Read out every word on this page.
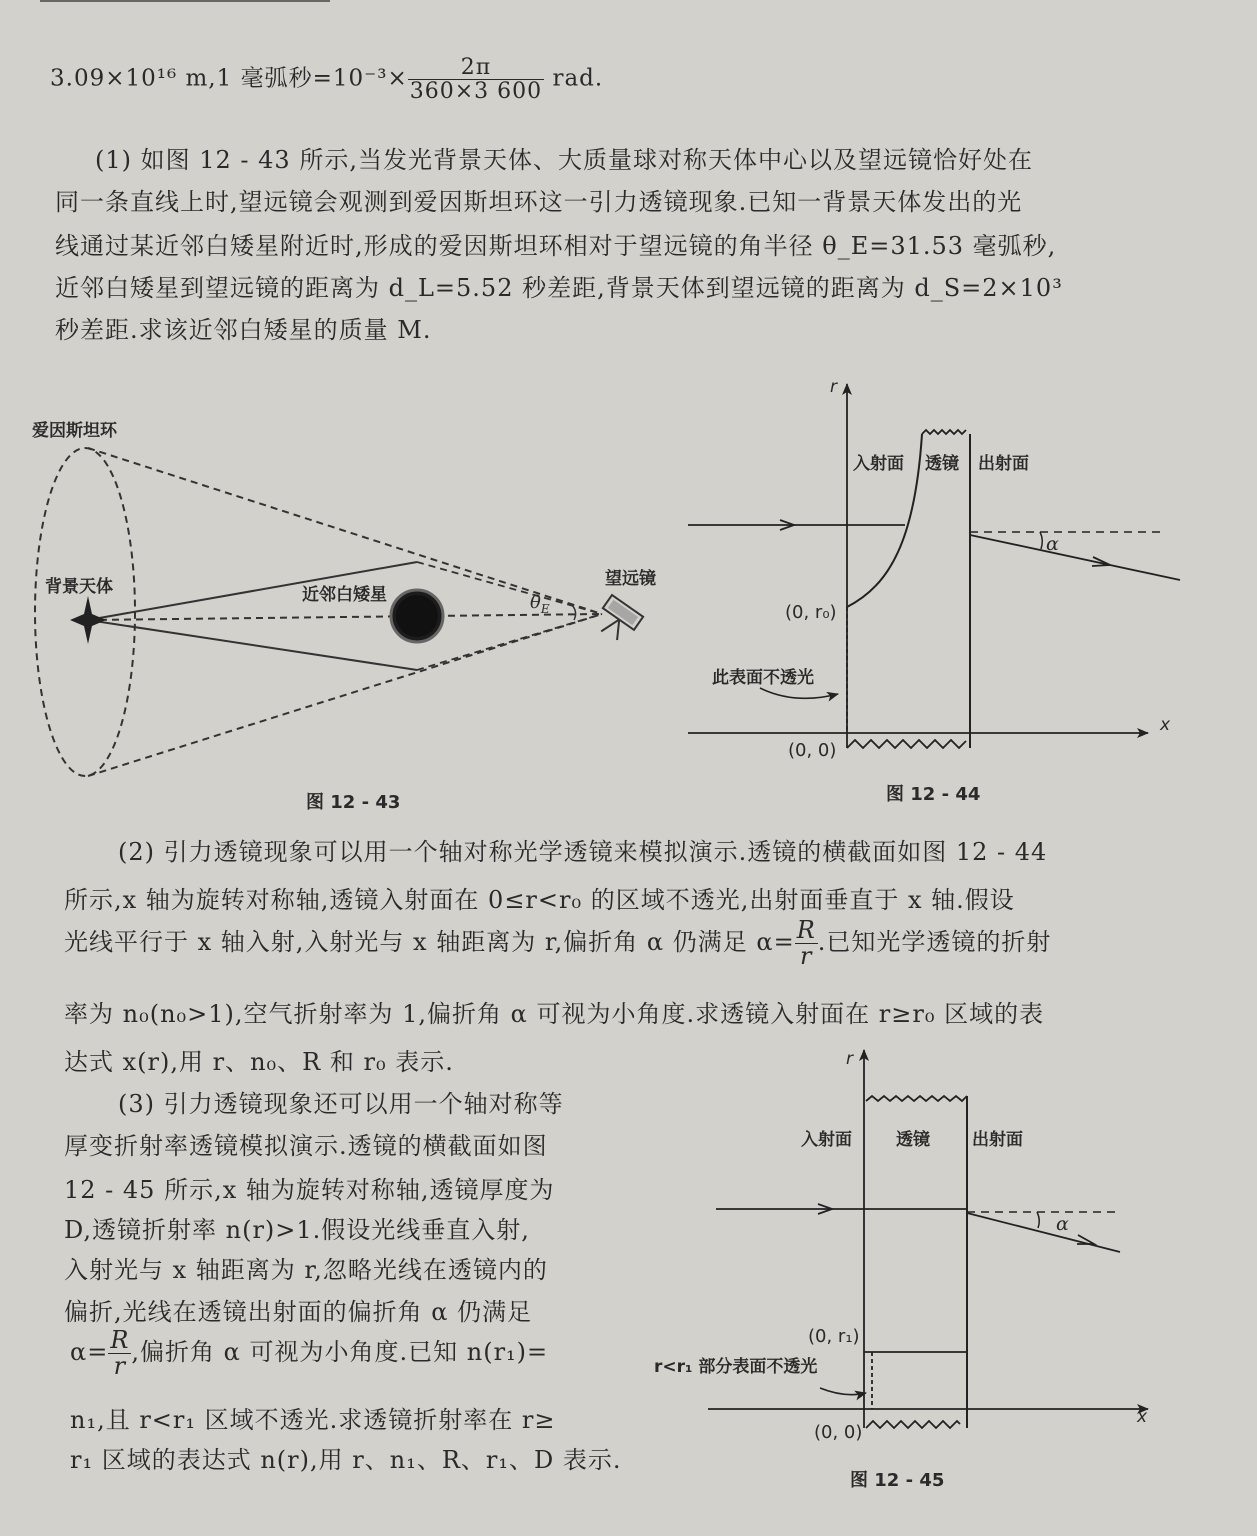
3.09×10¹⁶ m,1 毫弧秒$=10^{-3}\times \frac{2\pi}{360\times 3 600}$ rad.
(1) 如图 12 - 43 所示,当发光背景天体、大质量球对称天体中心以及望远镜恰好处在
同一条直线上时,望远镜会观测到爱因斯坦环这一引力透镜现象.已知一背景天体发出的光
线通过某近邻白矮星附近时,形成的爱因斯坦环相对于望远镜的角半径 θ_E=31.53 毫弧秒,
近邻白矮星到望远镜的距离为 d_L=5.52 秒差距,背景天体到望远镜的距离为 d_S=2×10³
秒差距.求该近邻白矮星的质量 M.
爱因斯坦环
背景天体	近邻白矮星
望远镜
$\theta_E$
图 12 - 43
r
x
入射面 透镜 出射面
α
(0, r₀)
(0, 0)
此表面不透光
图 12 - 44
(2) 引力透镜现象可以用一个轴对称光学透镜来模拟演示.透镜的横截面如图 12 - 44
所示,x 轴为旋转对称轴,透镜入射面在 0≤r<r₀ 的区域不透光,出射面垂直于 x 轴.假设
光线平行于 x 轴入射,入射光与 x 轴距离为 r,偏折角 α 仍满足 $\alpha= \frac{R}{r}$ .已知光学透镜的折射
率为 n₀(n₀>1),空气折射率为 1,偏折角 α 可视为小角度.求透镜入射面在 r≥r₀ 区域的表
达式 x(r),用 r、n₀、R 和 r₀ 表示.
(3) 引力透镜现象还可以用一个轴对称等
厚变折射率透镜模拟演示.透镜的横截面如图
12 - 45 所示,x 轴为旋转对称轴,透镜厚度为
D,透镜折射率 n(r)>1.假设光线垂直入射,
入射光与 x 轴距离为 r,忽略光线在透镜内的
偏折,光线在透镜出射面的偏折角 α 仍满足
$\alpha= \frac{R}{r}$ ,偏折角 α 可视为小角度.已知 n(r₁)=
n₁,且 r<r₁ 区域不透光.求透镜折射率在 r≥
r₁ 区域的表达式 n(r),用 r、n₁、R、r₁、D 表示.
r
x
入射面	透镜 出射面
α
(0, r₁)
(0, 0)
r<r₁ 部分表面不透光
图 12 - 45
